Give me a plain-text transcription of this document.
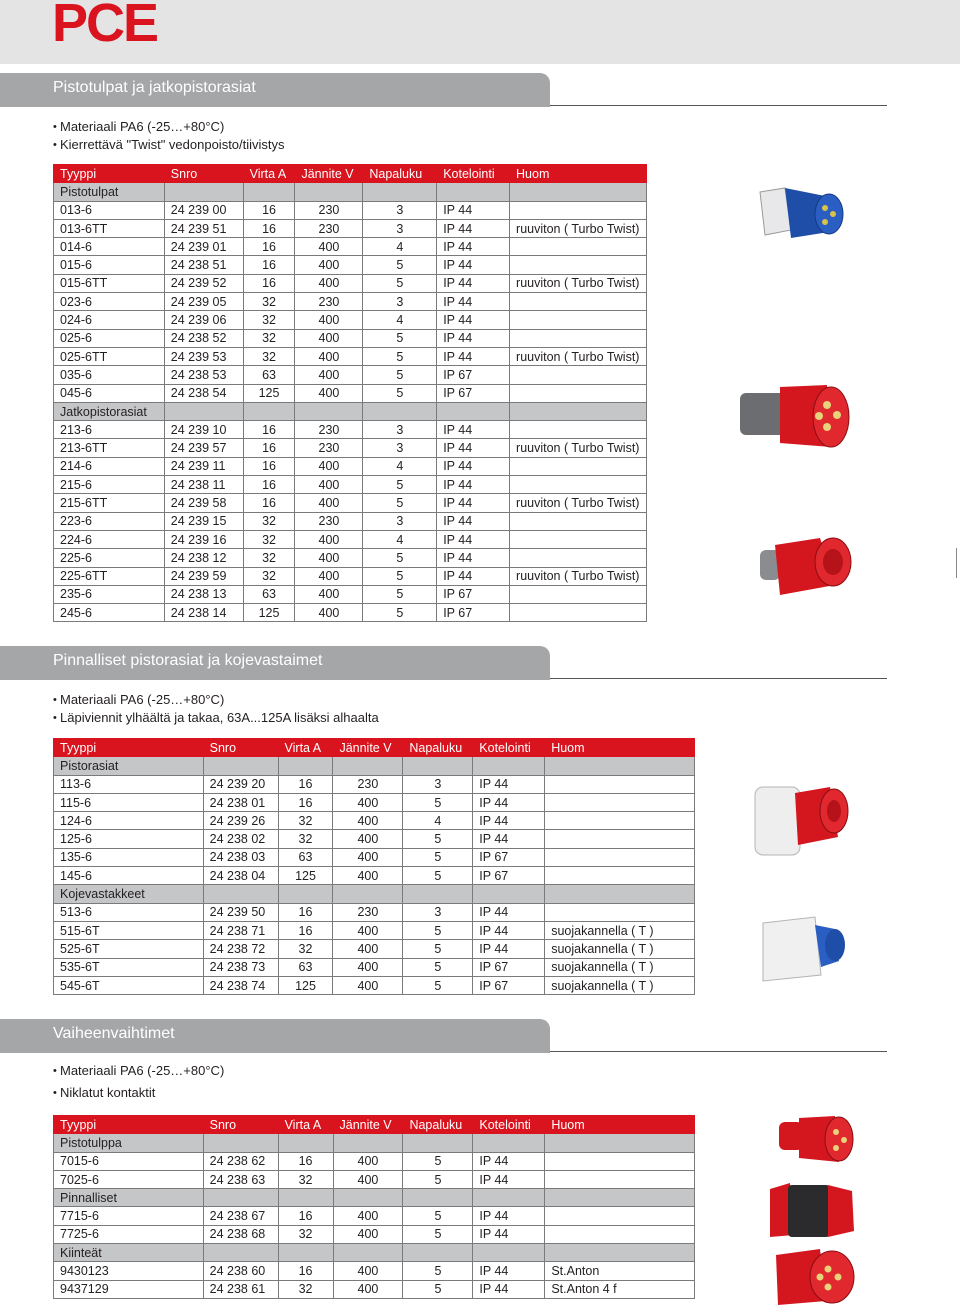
PCE
Pistotulpat ja jatkopistorasiat
• Materiaali PA6 (-25…+80°C)
• Kierrettävä "Twist" vedonpoisto/tiivistys
Tyyppi	Snro	Virta A	Jännite V	Napaluku	Kotelointi	Huom
Pistotulpat						
013-6	24 239 00	16	230	3	IP 44	
013-6TT	24 239 51	16	230	3	IP 44	ruuviton ( Turbo Twist)
014-6	24 239 01	16	400	4	IP 44	
015-6	24 238 51	16	400	5	IP 44	
015-6TT	24 239 52	16	400	5	IP 44	ruuviton ( Turbo Twist)
023-6	24 239 05	32	230	3	IP 44	
024-6	24 239 06	32	400	4	IP 44	
025-6	24 238 52	32	400	5	IP 44	
025-6TT	24 239 53	32	400	5	IP 44	ruuviton ( Turbo Twist)
035-6	24 238 53	63	400	5	IP 67	
045-6	24 238 54	125	400	5	IP 67	
Jatkopistorasiat						
213-6	24 239 10	16	230	3	IP 44	
213-6TT	24 239 57	16	230	3	IP 44	ruuviton ( Turbo Twist)
214-6	24 239 11	16	400	4	IP 44	
215-6	24 238 11	16	400	5	IP 44	
215-6TT	24 239 58	16	400	5	IP 44	ruuviton ( Turbo Twist)
223-6	24 239 15	32	230	3	IP 44	
224-6	24 239 16	32	400	4	IP 44	
225-6	24 238 12	32	400	5	IP 44	
225-6TT	24 239 59	32	400	5	IP 44	ruuviton ( Turbo Twist)
235-6	24 238 13	63	400	5	IP 67	
245-6	24 238 14	125	400	5	IP 67	
Pinnalliset pistorasiat ja kojevastaimet
• Materiaali PA6 (-25…+80°C)
• Läpiviennit ylhäältä ja takaa, 63A...125A lisäksi alhaalta
Tyyppi	Snro	Virta A	Jännite V	Napaluku	Kotelointi	Huom
Pistorasiat						
113-6	24 239 20	16	230	3	IP 44	
115-6	24 238 01	16	400	5	IP 44	
124-6	24 239 26	32	400	4	IP 44	
125-6	24 238 02	32	400	5	IP 44	
135-6	24 238 03	63	400	5	IP 67	
145-6	24 238 04	125	400	5	IP 67	
Kojevastakkeet						
513-6	24 239 50	16	230	3	IP 44	
515-6T	24 238 71	16	400	5	IP 44	suojakannella ( T )
525-6T	24 238 72	32	400	5	IP 44	suojakannella ( T )
535-6T	24 238 73	63	400	5	IP 67	suojakannella ( T )
545-6T	24 238 74	125	400	5	IP 67	suojakannella ( T )
Vaiheenvaihtimet
• Materiaali PA6 (-25…+80°C)
• Niklatut kontaktit
Tyyppi	Snro	Virta A	Jännite V	Napaluku	Kotelointi	Huom
Pistotulppa						
7015-6	24 238 62	16	400	5	IP 44	
7025-6	24 238 63	32	400	5	IP 44	
Pinnalliset						
7715-6	24 238 67	16	400	5	IP 44	
7725-6	24 238 68	32	400	5	IP 44	
Kiinteät						
9430123	24 238 60	16	400	5	IP 44	St.Anton
9437129	24 238 61	32	400	5	IP 44	St.Anton 4 f
